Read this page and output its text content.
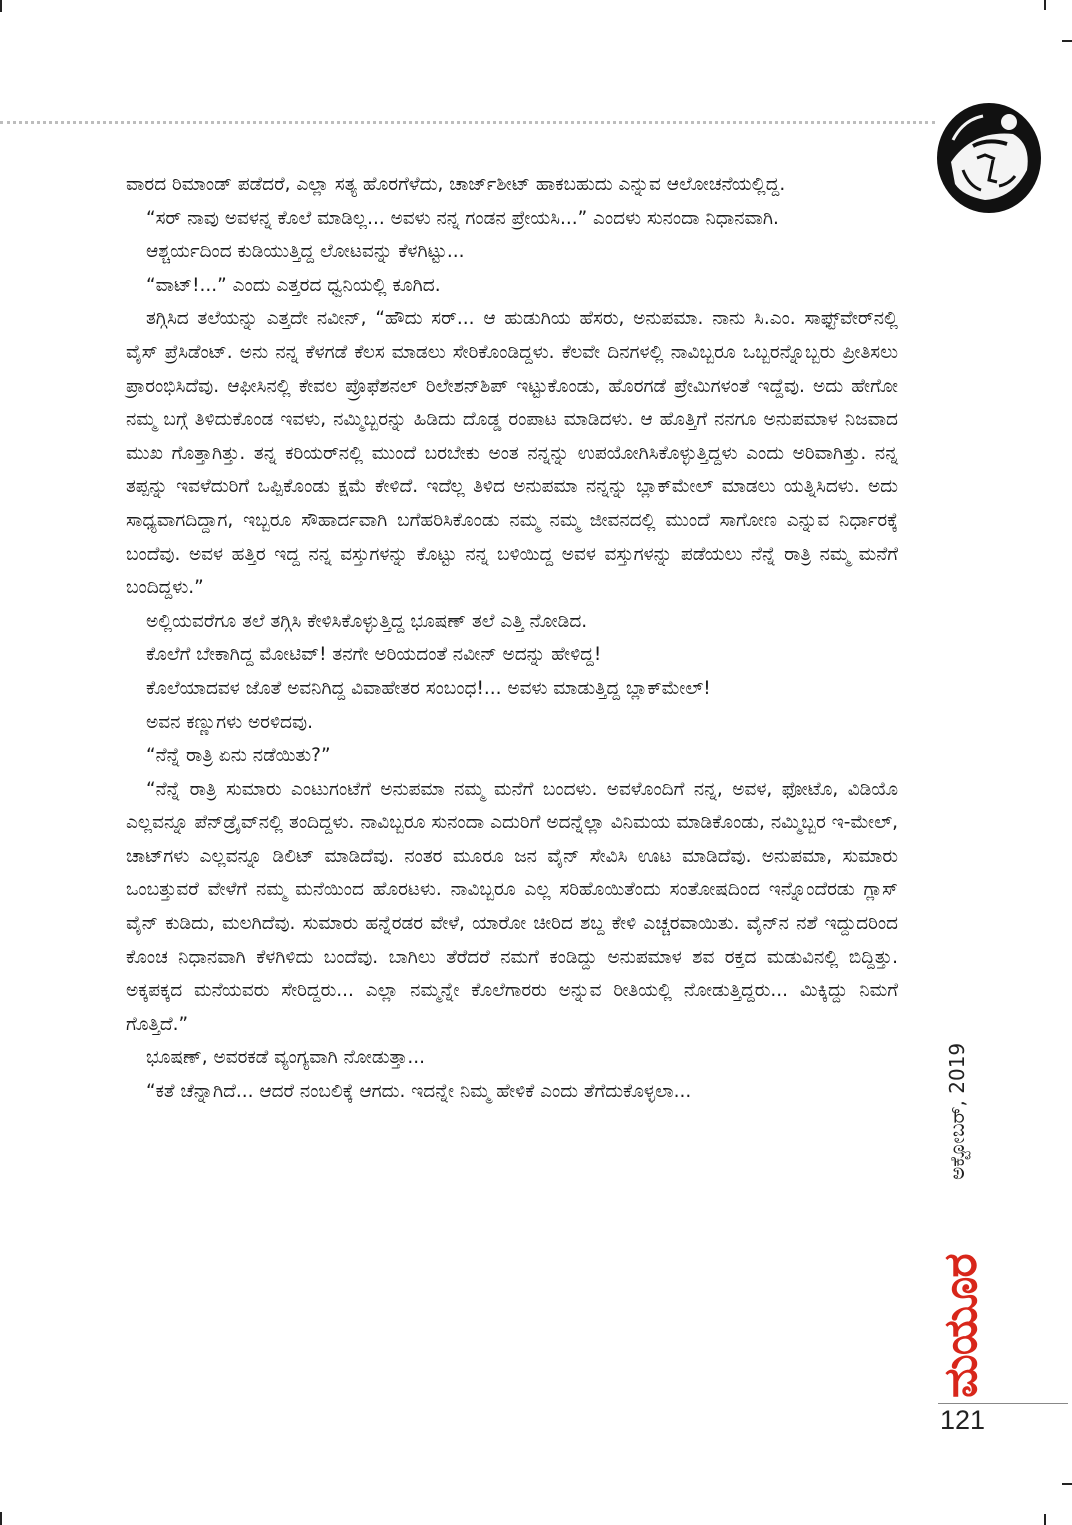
ವಾರದ ರಿಮಾಂಡ್ ಪಡೆದರೆ, ಎಲ್ಲಾ ಸತ್ಯ ಹೊರಗೆಳೆದು, ಚಾರ್ಜ್‌ಶೀಟ್ ಹಾಕಬಹುದು ಎನ್ನುವ ಆಲೋಚನೆಯಲ್ಲಿದ್ದ.

“ಸರ್ ನಾವು ಅವಳನ್ನ ಕೊಲೆ ಮಾಡಿಲ್ಲ... ಅವಳು ನನ್ನ ಗಂಡನ ಪ್ರೇಯಸಿ...” ಎಂದಳು ಸುನಂದಾ ನಿಧಾನವಾಗಿ.

ಆಶ್ಚರ್ಯದಿಂದ ಕುಡಿಯುತ್ತಿದ್ದ ಲೋಟವನ್ನು ಕೆಳಗಿಟ್ಟು...

“ವಾಟ್!...” ಎಂದು ಎತ್ತರದ ಧ್ವನಿಯಲ್ಲಿ ಕೂಗಿದ.

ತಗ್ಗಿಸಿದ ತಲೆಯನ್ನು ಎತ್ತದೇ ನವೀನ್, “ಹೌದು ಸರ್... ಆ ಹುಡುಗಿಯ ಹೆಸರು, ಅನುಪಮಾ. ನಾನು ಸಿ.ಎಂ. ಸಾಫ್ಟ್‌ವೇರ್‌ನಲ್ಲಿ ವೈಸ್ ಪ್ರೆಸಿಡೆಂಟ್. ಅನು ನನ್ನ ಕೆಳಗಡೆ ಕೆಲಸ ಮಾಡಲು ಸೇರಿಕೊಂಡಿದ್ದಳು. ಕೆಲವೇ ದಿನಗಳಲ್ಲಿ ನಾವಿಬ್ಬರೂ ಒಬ್ಬರನ್ನೊಬ್ಬರು ಪ್ರೀತಿಸಲು ಪ್ರಾರಂಭಿಸಿದೆವು. ಆಫೀಸಿನಲ್ಲಿ ಕೇವಲ ಪ್ರೊಫೆಶನಲ್ ರಿಲೇಶನ್‌ಶಿಪ್ ಇಟ್ಟುಕೊಂಡು, ಹೊರಗಡೆ ಪ್ರೇಮಿಗಳಂತೆ ಇದ್ದೆವು. ಅದು ಹೇಗೋ ನಮ್ಮ ಬಗ್ಗೆ ತಿಳಿದುಕೊಂಡ ಇವಳು, ನಮ್ಮಿಬ್ಬರನ್ನು ಹಿಡಿದು ದೊಡ್ಡ ರಂಪಾಟ ಮಾಡಿದಳು. ಆ ಹೊತ್ತಿಗೆ ನನಗೂ ಅನುಪಮಾಳ ನಿಜವಾದ ಮುಖ ಗೊತ್ತಾಗಿತ್ತು. ತನ್ನ ಕರಿಯರ್‌ನಲ್ಲಿ ಮುಂದೆ ಬರಬೇಕು ಅಂತ ನನ್ನನ್ನು ಉಪಯೋಗಿಸಿಕೊಳ್ಳುತ್ತಿದ್ದಳು ಎಂದು ಅರಿವಾಗಿತ್ತು. ನನ್ನ ತಪ್ಪನ್ನು ಇವಳೆದುರಿಗೆ ಒಪ್ಪಿಕೊಂಡು ಕ್ಷಮೆ ಕೇಳಿದೆ. ಇದೆಲ್ಲ ತಿಳಿದ ಅನುಪಮಾ ನನ್ನನ್ನು ಬ್ಲಾಕ್‌ಮೇಲ್ ಮಾಡಲು ಯತ್ನಿಸಿದಳು. ಅದು ಸಾಧ್ಯವಾಗದಿದ್ದಾಗ, ಇಬ್ಬರೂ ಸೌಹಾರ್ದವಾಗಿ ಬಗೆಹರಿಸಿಕೊಂಡು ನಮ್ಮ ನಮ್ಮ ಜೀವನದಲ್ಲಿ ಮುಂದೆ ಸಾಗೋಣ ಎನ್ನುವ ನಿರ್ಧಾರಕ್ಕೆ ಬಂದೆವು. ಅವಳ ಹತ್ತಿರ ಇದ್ದ ನನ್ನ ವಸ್ತುಗಳನ್ನು ಕೊಟ್ಟು ನನ್ನ ಬಳಿಯಿದ್ದ ಅವಳ ವಸ್ತುಗಳನ್ನು ಪಡೆಯಲು ನೆನ್ನೆ ರಾತ್ರಿ ನಮ್ಮ ಮನೆಗೆ ಬಂದಿದ್ದಳು.”

ಅಲ್ಲಿಯವರೆಗೂ ತಲೆ ತಗ್ಗಿಸಿ ಕೇಳಿಸಿಕೊಳ್ಳುತ್ತಿದ್ದ ಭೂಷಣ್ ತಲೆ ಎತ್ತಿ ನೋಡಿದ.

ಕೊಲೆಗೆ ಬೇಕಾಗಿದ್ದ ಮೋಟಿವ್! ತನಗೇ ಅರಿಯದಂತೆ ನವೀನ್ ಅದನ್ನು ಹೇಳಿದ್ದ!

ಕೊಲೆಯಾದವಳ ಜೊತೆ ಅವನಿಗಿದ್ದ ವಿವಾಹೇತರ ಸಂಬಂಧ!... ಅವಳು ಮಾಡುತ್ತಿದ್ದ ಬ್ಲಾಕ್‌ಮೇಲ್!

ಅವನ ಕಣ್ಣುಗಳು ಅರಳಿದವು.

“ನೆನ್ನೆ ರಾತ್ರಿ ಏನು ನಡೆಯಿತು?”

“ನೆನ್ನೆ ರಾತ್ರಿ ಸುಮಾರು ಎಂಟುಗಂಟೆಗೆ ಅನುಪಮಾ ನಮ್ಮ ಮನೆಗೆ ಬಂದಳು. ಅವಳೊಂದಿಗೆ ನನ್ನ, ಅವಳ, ಫೋಟೊ, ವಿಡಿಯೊ ಎಲ್ಲವನ್ನೂ ಪೆನ್‌ಡ್ರೈವ್‌ನಲ್ಲಿ ತಂದಿದ್ದಳು. ನಾವಿಬ್ಬರೂ ಸುನಂದಾ ಎದುರಿಗೆ ಅದನ್ನೆಲ್ಲಾ ವಿನಿಮಯ ಮಾಡಿಕೊಂಡು, ನಮ್ಮಿಬ್ಬರ ಇ-ಮೇಲ್, ಚಾಟ್‌ಗಳು ಎಲ್ಲವನ್ನೂ ಡಿಲಿಟ್ ಮಾಡಿದೆವು. ನಂತರ ಮೂರೂ ಜನ ವೈನ್ ಸೇವಿಸಿ ಊಟ ಮಾಡಿದೆವು. ಅನುಪಮಾ, ಸುಮಾರು ಒಂಬತ್ತುವರೆ ವೇಳೆಗೆ ನಮ್ಮ ಮನೆಯಿಂದ ಹೊರಟಳು. ನಾವಿಬ್ಬರೂ ಎಲ್ಲ ಸರಿಹೊಯಿತೆಂದು ಸಂತೋಷದಿಂದ ಇನ್ನೊಂದೆರಡು ಗ್ಲಾಸ್ ವೈನ್ ಕುಡಿದು, ಮಲಗಿದೆವು. ಸುಮಾರು ಹನ್ನೆರಡರ ವೇಳೆ, ಯಾರೋ ಚೀರಿದ ಶಬ್ದ ಕೇಳಿ ಎಚ್ಚರವಾಯಿತು. ವೈನ್‌ನ ನಶೆ ಇದ್ದುದರಿಂದ ಕೊಂಚ ನಿಧಾನವಾಗಿ ಕೆಳಗಿಳಿದು ಬಂದೆವು. ಬಾಗಿಲು ತೆರೆದರೆ ನಮಗೆ ಕಂಡಿದ್ದು ಅನುಪಮಾಳ ಶವ ರಕ್ತದ ಮಡುವಿನಲ್ಲಿ ಬಿದ್ದಿತ್ತು. ಅಕ್ಕಪಕ್ಕದ ಮನೆಯವರು ಸೇರಿದ್ದರು... ಎಲ್ಲಾ ನಮ್ಮನ್ನೇ ಕೊಲೆಗಾರರು ಅನ್ನುವ ರೀತಿಯಲ್ಲಿ ನೋಡುತ್ತಿದ್ದರು... ಮಿಕ್ಕಿದ್ದು ನಿಮಗೆ ಗೊತ್ತಿದೆ.”

ಭೂಷಣ್, ಅವರಕಡೆ ವ್ಯಂಗ್ಯವಾಗಿ ನೋಡುತ್ತಾ...

“ಕತೆ ಚೆನ್ನಾಗಿದೆ... ಆದರೆ ನಂಬಲಿಕ್ಕೆ ಆಗದು. ಇದನ್ನೇ ನಿಮ್ಮ ಹೇಳಿಕೆ ಎಂದು ತೆಗೆದುಕೊಳ್ಳಲಾ...	ಅಕ್ಟೋಬರ್, 2019
ಮಯೂರ
121
